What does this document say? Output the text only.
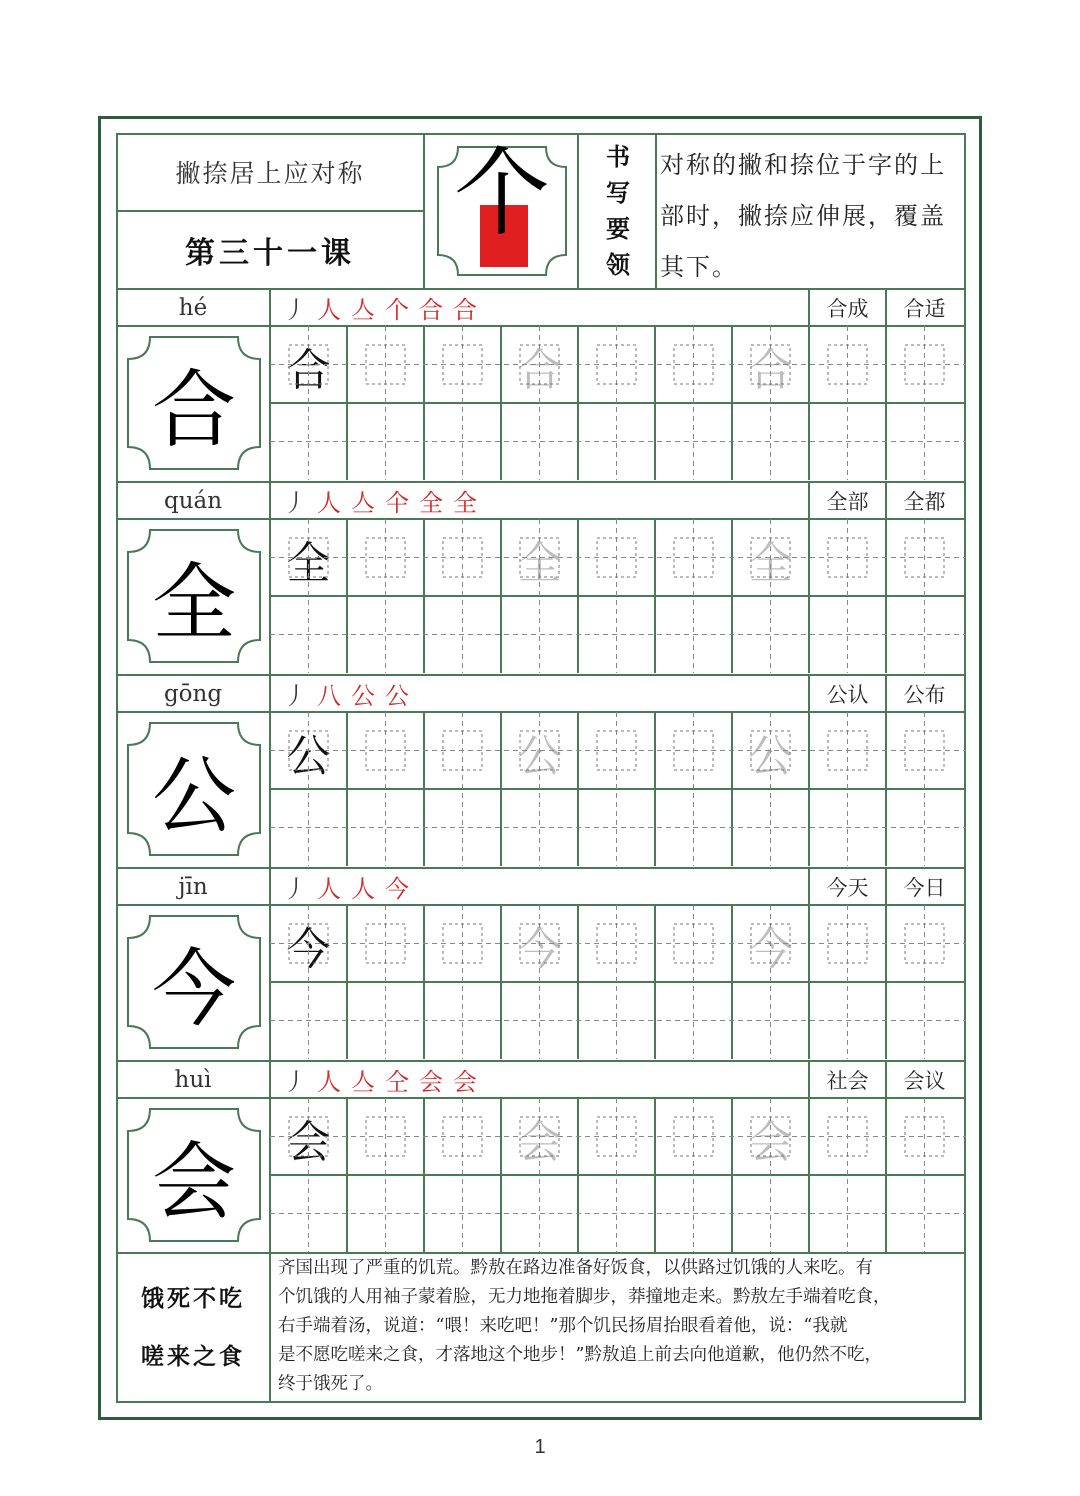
撇捺居上应对称
第三十一课
个	书
写
要
领
对称的撇和捺位于字的上部时，撇捺应伸展，覆盖其下。
hé	丿 人 亼 个 合 合	合成	合适
合	合	合	合
quán	丿 人 亼 仐 全 全	全部	全都
全	全	全	全
gōng	丿 八 公 公	公认	公布
公	公	公	公
jīn	丿 人 人 今	今天	今日
今	今	今	今
huì	丿 人 亼 仝 会 会	社会	会议
会	会	会	会
饿死不吃
嗟来之食
齐国出现了严重的饥荒。黔敖在路边准备好饭食，以供路过饥饿的人来吃。有
个饥饿的人用袖子蒙着脸，无力地拖着脚步，莽撞地走来。黔敖左手端着吃食，
右手端着汤，说道：“喂！来吃吧！”那个饥民扬眉抬眼看着他，说：“我就
是不愿吃嗟来之食，才落地这个地步！”黔敖追上前去向他道歉，他仍然不吃，
终于饿死了。
1
